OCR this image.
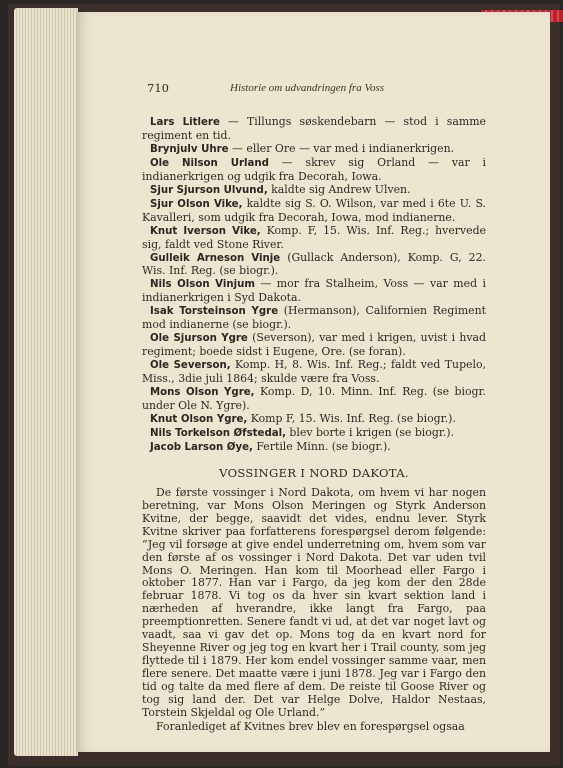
710	Historie om udvandringen fra Voss

Lars Litlere — Tillungs søskendebarn — stod i samme regiment en tid.

Brynjulv Uhre — eller Ore — var med i indianerkrigen.

Ole Nilson Urland — skrev sig Orland — var i indianerkrigen og udgik fra Decorah, Iowa.

Sjur Sjurson Ulvund, kaldte sig Andrew Ulven.

Sjur Olson Vike, kaldte sig S. O. Wilson, var med i 6te U. S. Kavalleri, som udgik fra Decorah, Iowa, mod indianerne.

Knut Iverson Vike, Komp. F, 15. Wis. Inf. Reg.; hvervede sig, faldt ved Stone River.

Gulleik Arneson Vinje (Gullack Anderson), Komp. G, 22. Wis. Inf. Reg. (se biogr.).

Nils Olson Vinjum — mor fra Stalheim, Voss — var med i indianerkrigen i Syd Dakota.

Isak Torsteinson Ygre (Hermanson), Californien Regiment mod indianerne (se biogr.).

Ole Sjurson Ygre (Severson), var med i krigen, uvist i hvad regiment; boede sidst i Eugene, Ore. (se foran).

Ole Severson, Komp. H, 8. Wis. Inf. Reg.; faldt ved Tupelo, Miss., 3die juli 1864; skulde være fra Voss.

Mons Olson Ygre, Komp. D, 10. Minn. Inf. Reg. (se biogr. under Ole N. Ygre).

Knut Olson Ygre, Komp F, 15. Wis. Inf. Reg. (se biogr.).

Nils Torkelson Øfstedal, blev borte i krigen (se biogr.).

Jacob Larson Øye, Fertile Minn. (se biogr.).

VOSSINGER I NORD DAKOTA.

De første vossinger i Nord Dakota, om hvem vi har nogen beretning, var Mons Olson Meringen og Styrk Anderson Kvitne, der begge, saavidt det vides, endnu lever. Styrk Kvitne skriver paa forfatterens forespørgsel derom følgende: “Jeg vil forsøge at give endel underretning om, hvem som var den første af os vossinger i Nord Dakota. Det var uden tvil Mons O. Meringen. Han kom til Moorhead eller Fargo i oktober 1877. Han var i Fargo, da jeg kom der den 28de februar 1878. Vi tog os da hver sin kvart sektion land i nærheden af hverandre, ikke langt fra Fargo, paa preemptionretten. Senere fandt vi ud, at det var noget lavt og vaadt, saa vi gav det op. Mons tog da en kvart nord for Sheyenne River og jeg tog en kvart her i Trail county, som jeg flyttede til i 1879. Her kom endel vossinger samme vaar, men flere senere. Det maatte være i juni 1878. Jeg var i Fargo den tid og talte da med flere af dem. De reiste til Goose River og tog sig land der. Det var Helge Dolve, Haldor Nestaas, Torstein Skjeldal og Ole Urland.”

Foranlediget af Kvitnes brev blev en forespørgsel ogsaa
